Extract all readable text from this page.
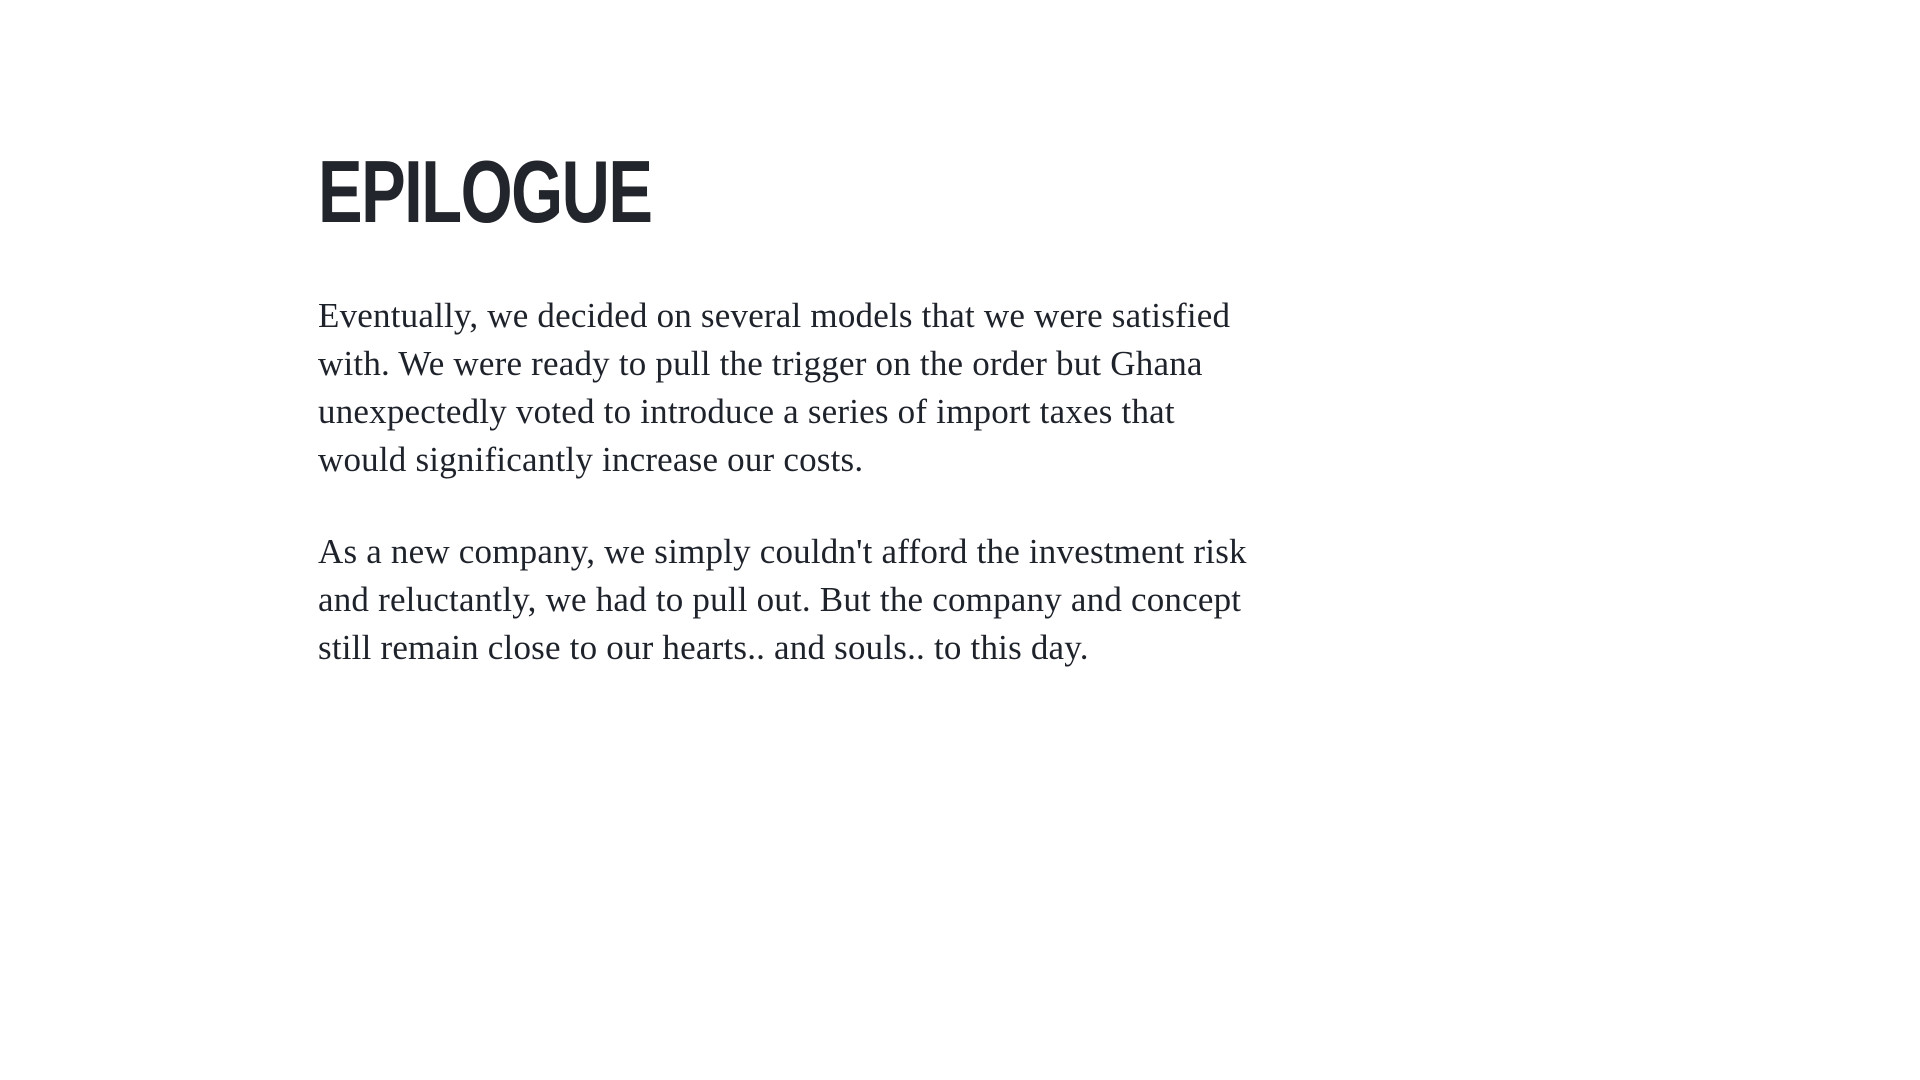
EPILOGUE

Eventually, we decided on several models that we were satisfied with. We were ready to pull the trigger on the order but Ghana unexpectedly voted to introduce a series of import taxes that would significantly increase our costs.

As a new company, we simply couldn't afford the investment risk and reluctantly, we had to pull out. But the company and concept still remain close to our hearts.. and souls.. to this day.
